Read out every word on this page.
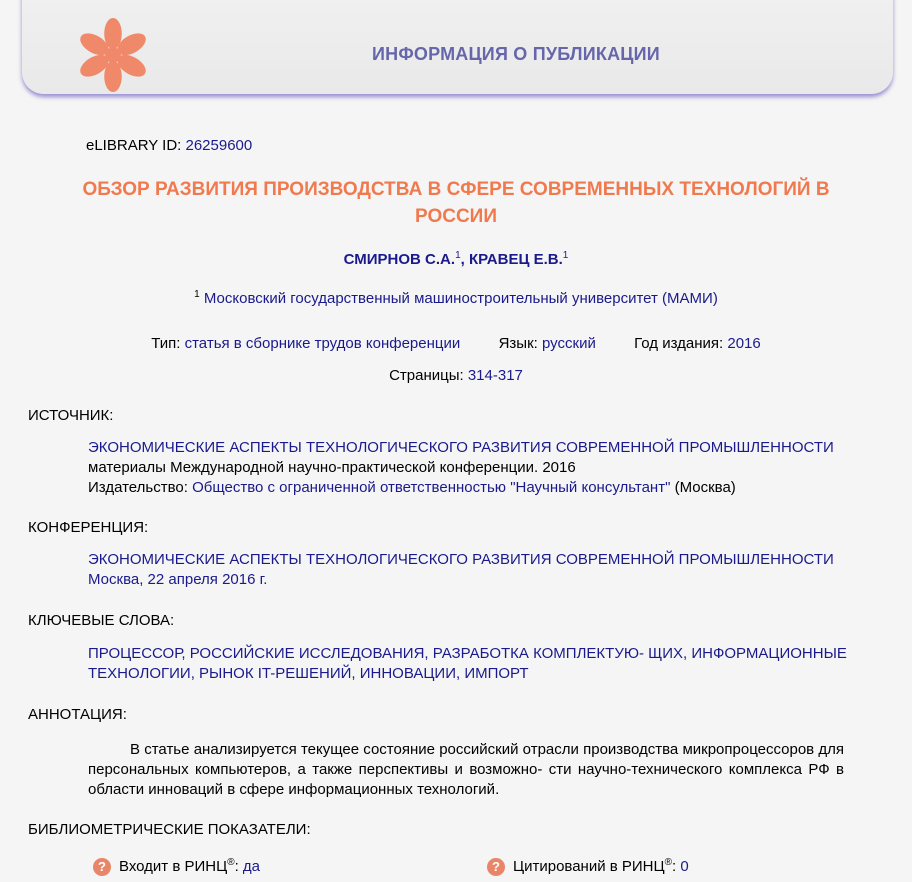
ИНФОРМАЦИЯ О ПУБЛИКАЦИИ
eLIBRARY ID: 26259600
ОБЗОР РАЗВИТИЯ ПРОИЗВОДСТВА В СФЕРЕ СОВРЕМЕННЫХ ТЕХНОЛОГИЙ В РОССИИ
СМИРНОВ С.А.$^1$, КРАВЕЦ Е.В.$^1$
$^1$ Московский государственный машиностроительный университет (МАМИ)
Тип: статья в сборнике трудов конференции	Язык: русский	Год издания: 2016
Страницы: 314-317
ИСТОЧНИК:
ЭКОНОМИЧЕСКИЕ АСПЕКТЫ ТЕХНОЛОГИЧЕСКОГО РАЗВИТИЯ СОВРЕМЕННОЙ ПРОМЫШЛЕННОСТИ
материалы Международной научно-практической конференции. 2016
Издательство: Общество с ограниченной ответственностью "Научный консультант" (Москва)
КОНФЕРЕНЦИЯ:
ЭКОНОМИЧЕСКИЕ АСПЕКТЫ ТЕХНОЛОГИЧЕСКОГО РАЗВИТИЯ СОВРЕМЕННОЙ ПРОМЫШЛЕННОСТИ
Москва, 22 апреля 2016 г.
КЛЮЧЕВЫЕ СЛОВА:
ПРОЦЕССОР, РОССИЙСКИЕ ИССЛЕДОВАНИЯ, РАЗРАБОТКА КОМПЛЕКТУЮ- ЩИХ, ИНФОРМАЦИОННЫЕ
ТЕХНОЛОГИИ, РЫНОК IT-РЕШЕНИЙ, ИННОВАЦИИ, ИМПОРТ
АННОТАЦИЯ:

В статье анализируется текущее состояние российский отрасли производства микропроцессоров для персональных компьютеров, а также перспективы и возможно- сти научно-технического комплекса РФ в области инноваций в сфере информационных технологий.

БИБЛИОМЕТРИЧЕСКИЕ ПОКАЗАТЕЛИ:
? Входит в РИНЦ®: да	? Цитирований в РИНЦ®: 0
